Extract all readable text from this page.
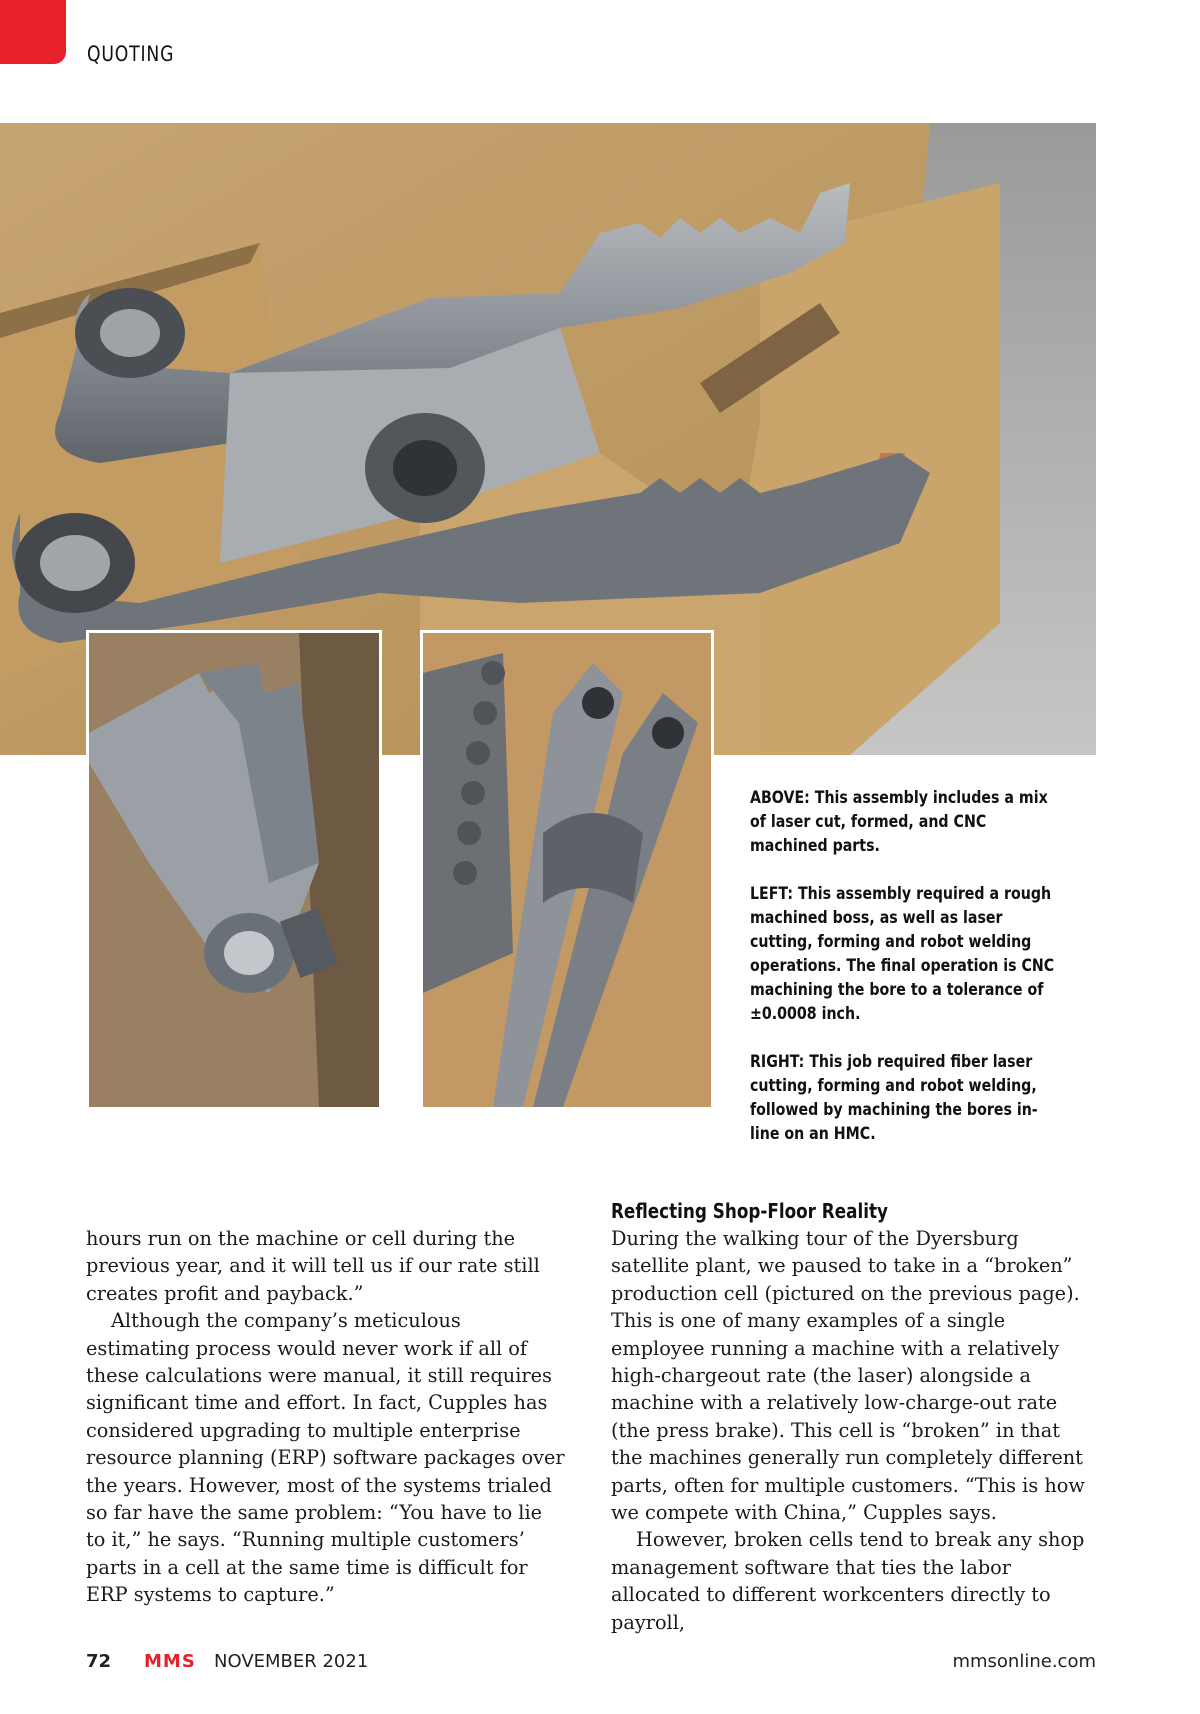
QUOTING

ABOVE: This assembly includes a mix of laser cut, formed, and CNC machined parts.

LEFT: This assembly required a rough machined boss, as well as laser cutting, forming and robot welding operations. The final operation is CNC machining the bore to a tolerance of ±0.0008 inch.

RIGHT: This job required fiber laser cutting, forming and robot welding, followed by machining the bores in-line on an HMC.

hours run on the machine or cell during the previous year, and it will tell us if our rate still creates profit and payback.”

Although the company’s meticulous estimating process would never work if all of these calculations were manual, it still requires significant time and effort. In fact, Cupples has considered upgrading to multiple enterprise resource planning (ERP) software packages over the years. However, most of the systems trialed so far have the same problem: “You have to lie to it,” he says. “Running multiple customers’ parts in a cell at the same time is difficult for ERP systems to capture.”

Reflecting Shop-Floor Reality

During the walking tour of the Dyersburg satellite plant, we paused to take in a “broken” production cell (pictured on the previous page). This is one of many examples of a single employee running a machine with a relatively high-chargeout rate (the laser) alongside a machine with a relatively low-charge-out rate (the press brake). This cell is “broken” in that the machines generally run completely different parts, often for multiple customers. “This is how we compete with China,” Cupples says.

However, broken cells tend to break any shop management software that ties the labor allocated to different workcenters directly to payroll,

72 MMS NOVEMBER 2021	mmsonline.com
